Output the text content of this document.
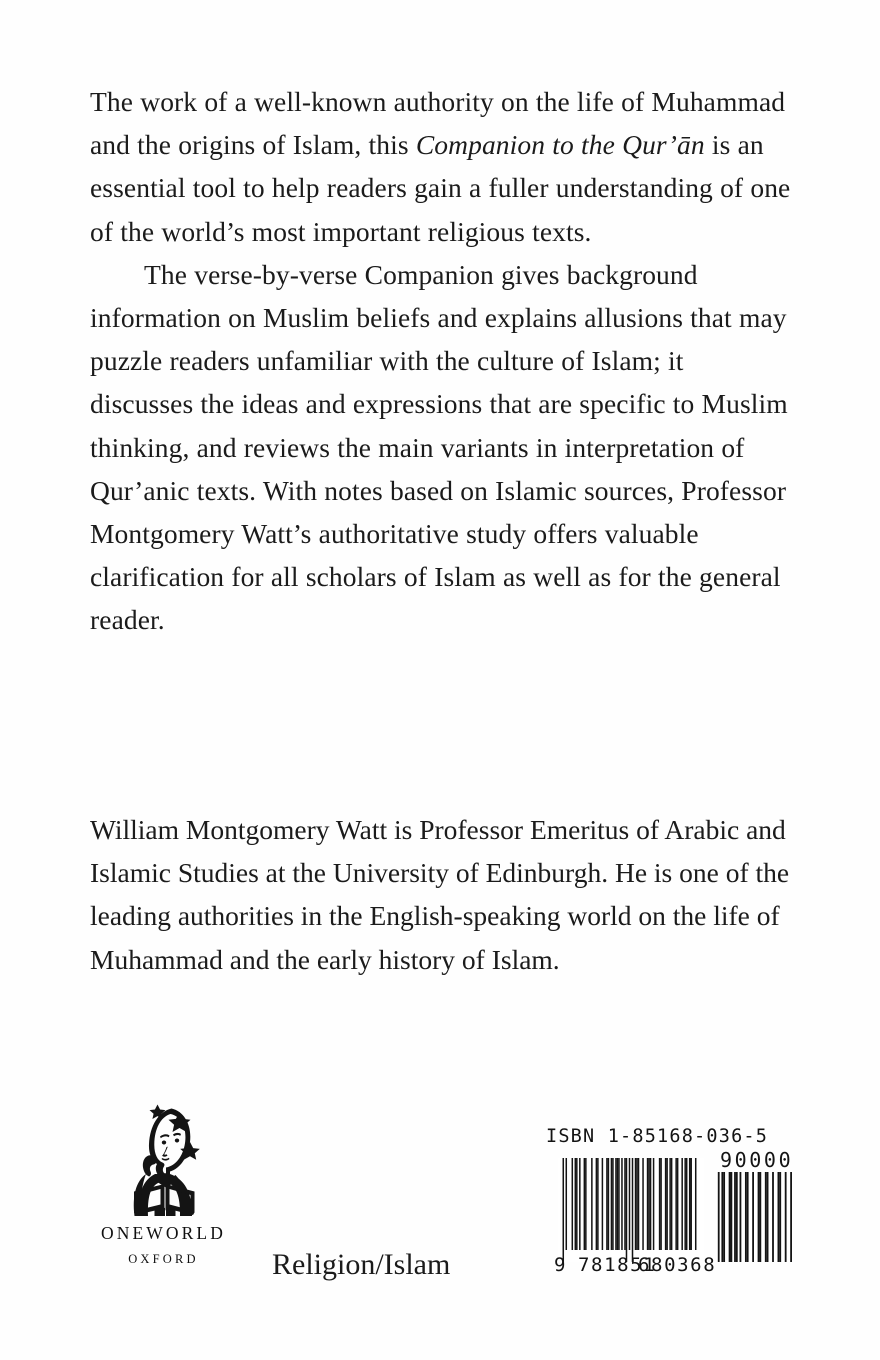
The work of a well-known authority on the life of Muhammad and the origins of Islam, this Companion to the Qur’ān is an essential tool to help readers gain a fuller understanding of one of the world’s most important religious texts.

The verse-by-verse Companion gives background information on Muslim beliefs and explains allusions that may puzzle readers unfamiliar with the culture of Islam; it discusses the ideas and expressions that are specific to Muslim thinking, and reviews the main variants in interpretation of Qur’anic texts. With notes based on Islamic sources, Professor Montgomery Watt’s authoritative study offers valuable clarification for all scholars of Islam as well as for the general reader.

William Montgomery Watt is Professor Emeritus of Arabic and Islamic Studies at the University of Edinburgh. He is one of the leading authorities in the English-speaking world on the life of Muhammad and the early history of Islam.

ONEWORLD
OXFORD	Religion/Islam
ISBN 1-85168-036-5
90000
9 781851
680368
